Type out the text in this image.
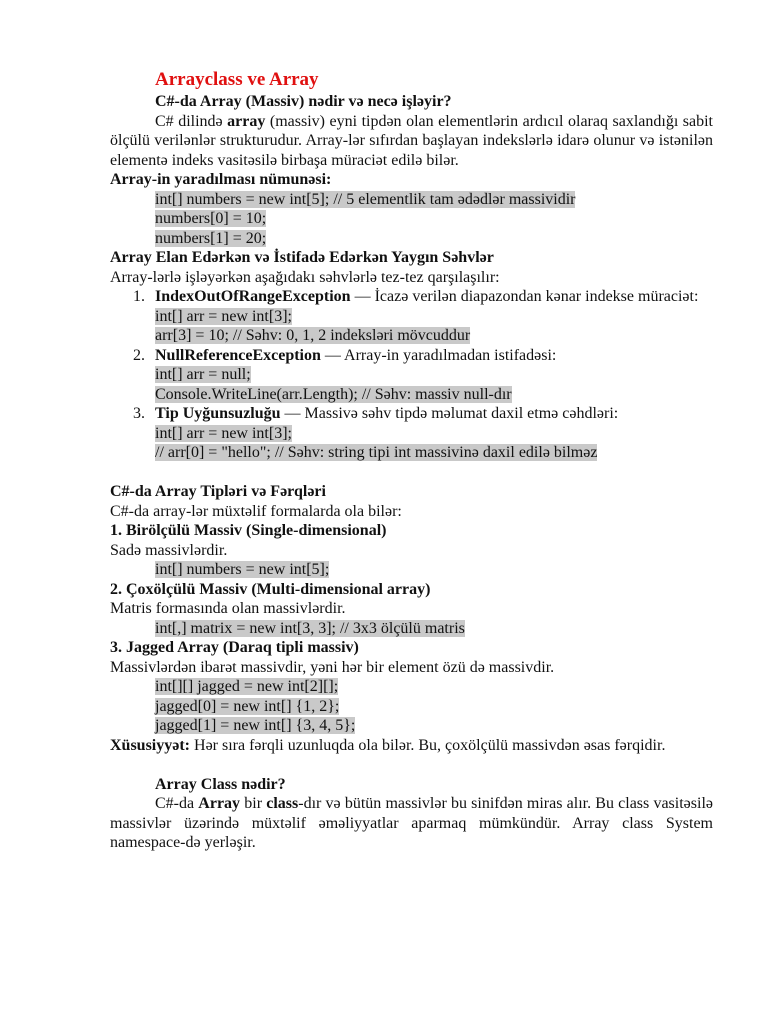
Arrayclass ve Array
C#-da Array (Massiv) nədir və necə işləyir?
C# dilində array (massiv) eyni tipdən olan elementlərin ardıcıl olaraq saxlandığı sabit ölçülü verilənlər strukturudur. Array-lər sıfırdan başlayan indekslərlə idarə olunur və istənilən elementə indeks vasitəsilə birbaşa müraciət edilə bilər.
Array-in yaradılması nümunəsi:
int[] numbers = new int[5]; // 5 elementlik tam ədədlər massividir
numbers[0] = 10;
numbers[1] = 20;
Array Elan Edərkən və İstifadə Edərkən Yaygın Səhvlər
Array-lərlə işləyərkən aşağıdakı səhvlərlə tez-tez qarşılaşılır:
1. IndexOutOfRangeException — İcazə verilən diapazondan kənar indekse müraciət:
int[] arr = new int[3];
arr[3] = 10; // Səhv: 0, 1, 2 indeksləri mövcuddur
2. NullReferenceException — Array-in yaradılmadan istifadəsi:
int[] arr = null;
Console.WriteLine(arr.Length); // Səhv: massiv null-dır
3. Tip Uyğunsuzluğu — Massivə səhv tipdə məlumat daxil etmə cəhdləri:
int[] arr = new int[3];
// arr[0] = "hello"; // Səhv: string tipi int massivinə daxil edilə bilməz
C#-da Array Tipləri və Fərqləri
C#-da array-lər müxtəlif formalarda ola bilər:
1. Birölçülü Massiv (Single-dimensional)
Sadə massivlərdir.
int[] numbers = new int[5];
2. Çoxölçülü Massiv (Multi-dimensional array)
Matris formasında olan massivlərdir.
int[,] matrix = new int[3, 3]; // 3x3 ölçülü matris
3. Jagged Array (Daraq tipli massiv)
Massivlərdən ibarət massivdir, yəni hər bir element özü də massivdir.
int[][] jagged = new int[2][];
jagged[0] = new int[] {1, 2};
jagged[1] = new int[] {3, 4, 5};
Xüsusiyyət: Hər sıra fərqli uzunluqda ola bilər. Bu, çoxölçülü massivdən əsas fərqidir.
Array Class nədir?
C#-da Array bir class-dır və bütün massivlər bu sinifdən miras alır. Bu class vasitəsilə massivlər üzərində müxtəlif əməliyyatlar aparmaq mümkündür. Array class System namespace-də yerləşir.
